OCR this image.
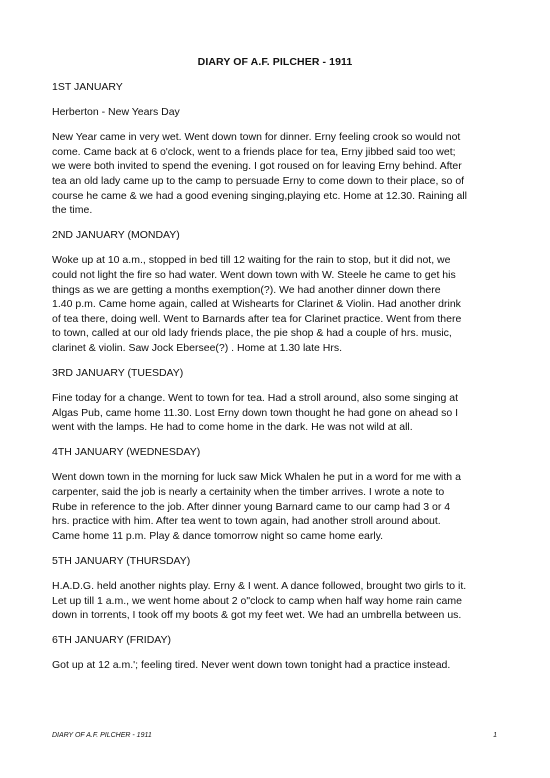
DIARY OF A.F. PILCHER - 1911
1ST JANUARY
Herberton - New Years Day
New Year came in very wet. Went down town for dinner. Erny feeling crook so would not
come. Came back at 6 o'clock, went to a friends place for tea, Erny jibbed said too wet;
we were both invited to spend the evening. I got roused on for leaving Erny behind. After
tea an old lady came up to the camp to persuade Erny to come down to their place, so of
course he came & we had a good evening singing,playing etc. Home at 12.30. Raining all
the time.
2ND JANUARY (MONDAY)
Woke up at 10 a.m., stopped in bed till 12 waiting for the rain to stop, but it did not, we
could not light the fire so had water. Went down town with W. Steele he came to get his
things as we are getting a months exemption(?). We had another dinner down there
1.40 p.m. Came home again, called at Wishearts for Clarinet & Violin. Had another drink
of tea there, doing well. Went to Barnards after tea for Clarinet practice. Went from there
to town, called at our old lady friends place, the pie shop & had a couple of hrs. music,
clarinet & violin. Saw Jock Ebersee(?) . Home at 1.30 late Hrs.
3RD JANUARY (TUESDAY)
Fine today for a change. Went to town for tea. Had a stroll around, also some singing at
Algas Pub, came home 11.30. Lost Erny down town thought he had gone on ahead so I
went with the lamps. He had to come home in the dark. He was not wild at all.
4TH JANUARY (WEDNESDAY)
Went down town in the morning for luck saw Mick Whalen he put in a word for me with a
carpenter, said the job is nearly a certainity when the timber arrives. I wrote a note to
Rube in reference to the job. After dinner young Barnard came to our camp had 3 or 4
hrs. practice with him. After tea went to town again, had another stroll around about.
Came home 11 p.m. Play & dance tomorrow night so came home early.
5TH JANUARY (THURSDAY)
H.A.D.G. held another nights play. Erny & I went. A dance followed, brought two girls to it.
Let up till 1 a.m., we went home about 2 o"clock to camp when half way home rain came
down in torrents, I took off my boots & got my feet wet. We had an umbrella between us.
6TH JANUARY (FRIDAY)
Got up at 12 a.m.'; feeling tired. Never went down town tonight had a practice instead.
DIARY OF A.F. PILCHER - 1911	1
